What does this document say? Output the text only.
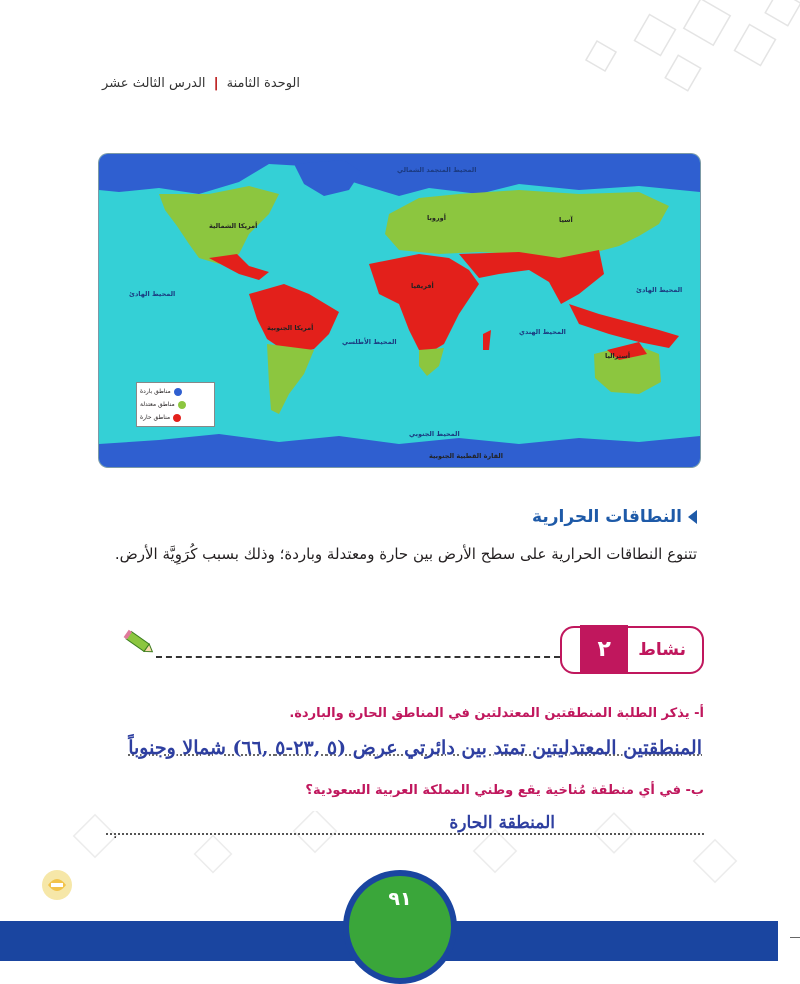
الوحدة الثامنة | الدرس الثالث عشر
مناطق باردة
مناطق معتدلة
مناطق حارة
المحيط المتجمد الشمالي
المحيط الهادئ	المحيط الهادئ
المحيط الأطلسي
المحيط الهندي
المحيط الجنوبي
القارة القطبية الجنوبية
أمريكا الشمالية
أمريكا الجنوبية
أوروبا	آسيا
أفريقيا
أستراليا
النطاقات الحرارية
تتنوع النطاقات الحرارية على سطح الأرض بين حارة ومعتدلة وباردة؛ وذلك بسبب كُرَوِيَّة الأرض.
نشاط
٢
أ- يذكر الطلبة المنطقتين المعتدلتين في المناطق الحارة والباردة.
المنطقتين المعتدليتين تمتد بين دائرتي عرض (٥ ,٢٣-٥ ,٦٦) شمالا وجنوباً
ب- في أي منطقة مُناخية يقع وطني المملكة العربية السعودية؟
المنطقة الحارة
.
٩١
